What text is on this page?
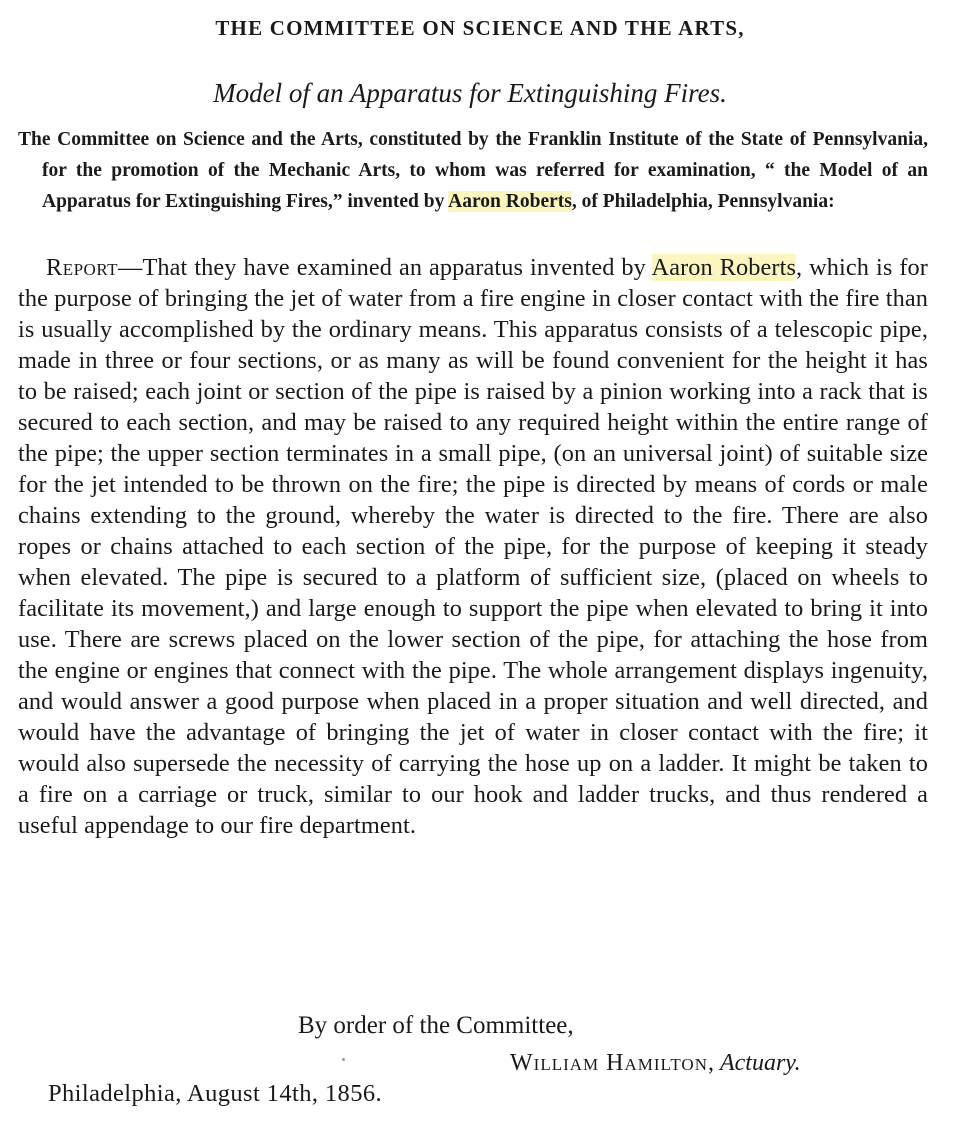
THE COMMITTEE ON SCIENCE AND THE ARTS,
Model of an Apparatus for Extinguishing Fires.
The Committee on Science and the Arts, constituted by the Franklin Institute of the State of Pennsylvania, for the promotion of the Mechanic Arts, to whom was referred for examination, “ the Model of an Apparatus for Extinguishing Fires,” invented by Aaron Roberts, of Philadelphia, Pennsylvania:
Report—That they have examined an apparatus invented by Aaron Roberts, which is for the purpose of bringing the jet of water from a fire engine in closer contact with the fire than is usually accomplished by the ordinary means. This apparatus consists of a telescopic pipe, made in three or four sections, or as many as will be found convenient for the height it has to be raised; each joint or section of the pipe is raised by a pinion working into a rack that is secured to each section, and may be raised to any required height within the entire range of the pipe; the upper section terminates in a small pipe, (on an universal joint) of suitable size for the jet intended to be thrown on the fire; the pipe is directed by means of cords or male chains extending to the ground, whereby the water is directed to the fire. There are also ropes or chains attached to each section of the pipe, for the purpose of keeping it steady when elevated. The pipe is secured to a platform of sufficient size, (placed on wheels to facilitate its movement,) and large enough to support the pipe when elevated to bring it into use. There are screws placed on the lower section of the pipe, for attaching the hose from the engine or engines that connect with the pipe. The whole arrangement displays ingenuity, and would answer a good purpose when placed in a proper situation and well directed, and would have the advantage of bringing the jet of water in closer contact with the fire; it would also supersede the necessity of carrying the hose up on a ladder. It might be taken to a fire on a carriage or truck, similar to our hook and ladder trucks, and thus rendered a useful appendage to our fire department.
By order of the Committee,
William Hamilton, Actuary.
Philadelphia, August 14th, 1856.
